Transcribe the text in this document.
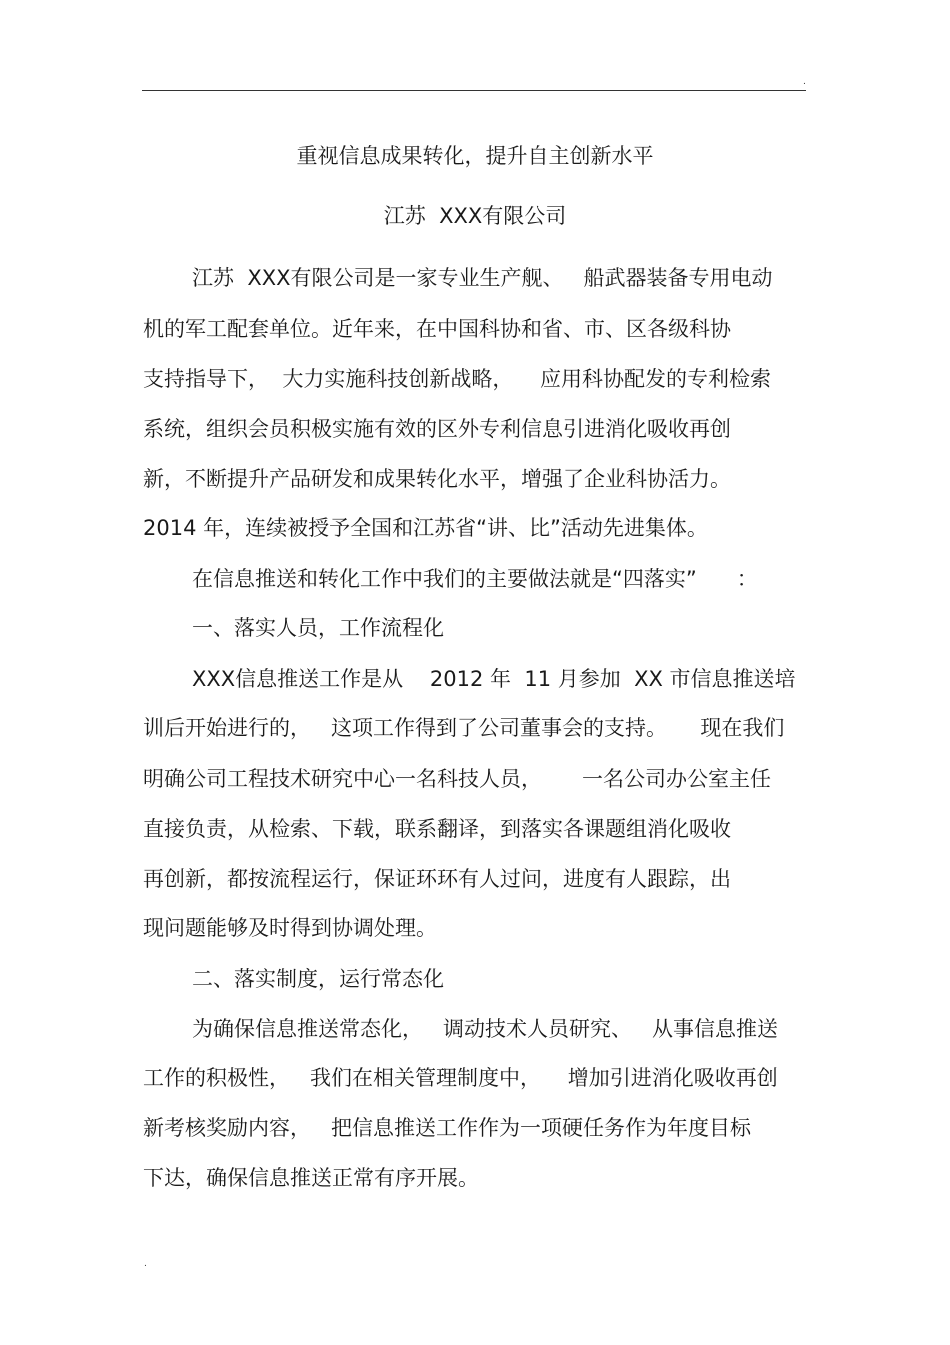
.
重视信息成果转化，提升自主创新水平
江苏  XXX有限公司
江苏  XXX有限公司是一家专业生产舰、   船武器装备专用电动
机的军工配套单位。近年来，在中国科协和省、市、区各级科协
支持指导下，  大力实施科技创新战略，    应用科协配发的专利检索
系统，组织会员积极实施有效的区外专利信息引进消化吸收再创
新，不断提升产品研发和成果转化水平，增强了企业科协活力。
2014 年，连续被授予全国和江苏省“讲、比”活动先进集体。
在信息推送和转化工作中我们的主要做法就是“四落实”      ：
一、落实人员，工作流程化
XXX信息推送工作是从    2012 年  11 月参加  XX 市信息推送培
训后开始进行的，   这项工作得到了公司董事会的支持。     现在我们
明确公司工程技术研究中心一名科技人员，      一名公司办公室主任
直接负责，从检索、下载，联系翻译，到落实各课题组消化吸收
再创新，都按流程运行，保证环环有人过问，进度有人跟踪，出
现问题能够及时得到协调处理。
二、落实制度，运行常态化
为确保信息推送常态化，   调动技术人员研究、   从事信息推送
工作的积极性，   我们在相关管理制度中，    增加引进消化吸收再创
新考核奖励内容，   把信息推送工作作为一项硬任务作为年度目标
下达，确保信息推送正常有序开展。
.
